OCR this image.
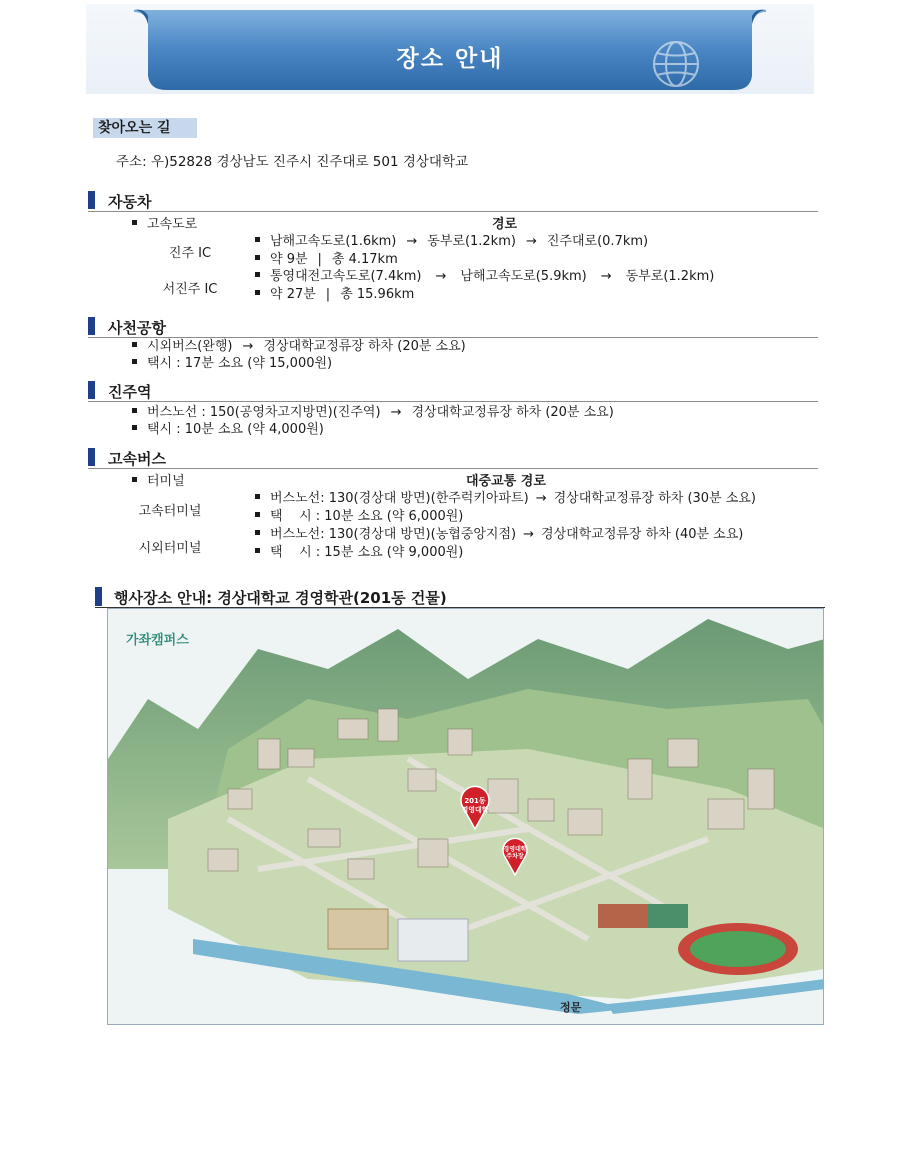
장소 안내
찾아오는 길
주소: 우)52828 경상남도 진주시 진주대로 501 경상대학교
자동차
고속도로	경로
진주 IC
남해고속도로(1.6km) → 동부로(1.2km) → 진주대로(0.7km)
약 9분 | 총 4.17km
서진주 IC
통영대전고속도로(7.4km) → 남해고속도로(5.9km) → 동부로(1.2km)
약 27분 | 총 15.96km
사천공항
시외버스(완행) → 경상대학교정류장 하차 (20분 소요)
택시 : 17분 소요 (약 15,000원)
진주역
버스노선 : 150(공영차고지방면)(진주역) → 경상대학교정류장 하차 (20분 소요)
택시 : 10분 소요 (약 4,000원)
고속버스
터미널	대중교통 경로
고속터미널
버스노선: 130(경상대 방면)(한주럭키아파트) → 경상대학교정류장 하차 (30분 소요)
택    시 : 10분 소요 (약 6,000원)
시외터미널
버스노선: 130(경상대 방면)(농협중앙지점) → 경상대학교정류장 하차 (40분 소요)
택    시 : 15분 소요 (약 9,000원)
행사장소 안내: 경상대학교 경영학관(201동 건물)
가좌캠퍼스
201동
경영대학
경영대학
주차장
정문
